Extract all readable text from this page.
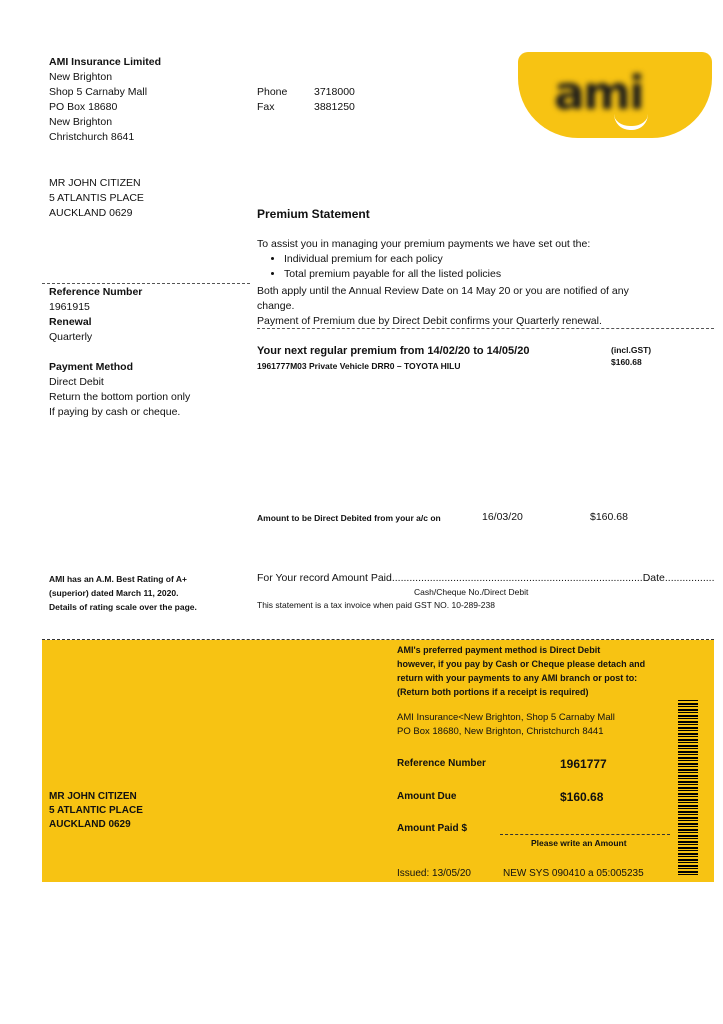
AMI Insurance Limited
New Brighton
Shop 5 Carnaby Mall
PO Box 18680
New Brighton
Christchurch 8641
Phone	3718000
Fax	3881250	ami
MR JOHN CITIZEN
5 ATLANTIS PLACE
AUCKLAND 0629	Premium Statement
To assist you in managing your premium payments we have set out the:
• Individual premium for each policy
• Total premium payable for all the listed policies
Both apply until the Annual Review Date on 14 May 20 or you are notified of any
change.
Payment of Premium due by Direct Debit confirms your Quarterly renewal.
Reference Number
1961915
Renewal
Quarterly
Payment Method
Direct Debit
Return the bottom portion only
If paying by cash or cheque.
Your next regular premium from 14/02/20 to 14/05/20	(incl.GST)
1961777M03 Private Vehicle DRR0 – TOYOTA HILU	$160.68
Amount to be Direct Debited from your a/c on	16/03/20	$160.68
AMI has an A.M. Best Rating of A+
(superior) dated March 11, 2020.
Details of rating scale over the page.
For Your record Amount Paid......................................................................................Date.................
Cash/Cheque No./Direct Debit
This statement is a tax invoice when paid GST NO. 10-289-238
AMI's preferred payment method is Direct Debit
however, if you pay by Cash or Cheque please detach and
return with your payments to any AMI branch or post to:
(Return both portions if a receipt is required)
AMI Insurance<New Brighton, Shop 5 Carnaby Mall
PO Box 18680, New Brighton, Christchurch 8441
Reference Number	1961777
Amount Due	$160.68
Amount Paid $
Please write an Amount
Issued: 13/05/20	NEW SYS 090410 a 05:005235
MR JOHN CITIZEN
5 ATLANTIC PLACE
AUCKLAND 0629
